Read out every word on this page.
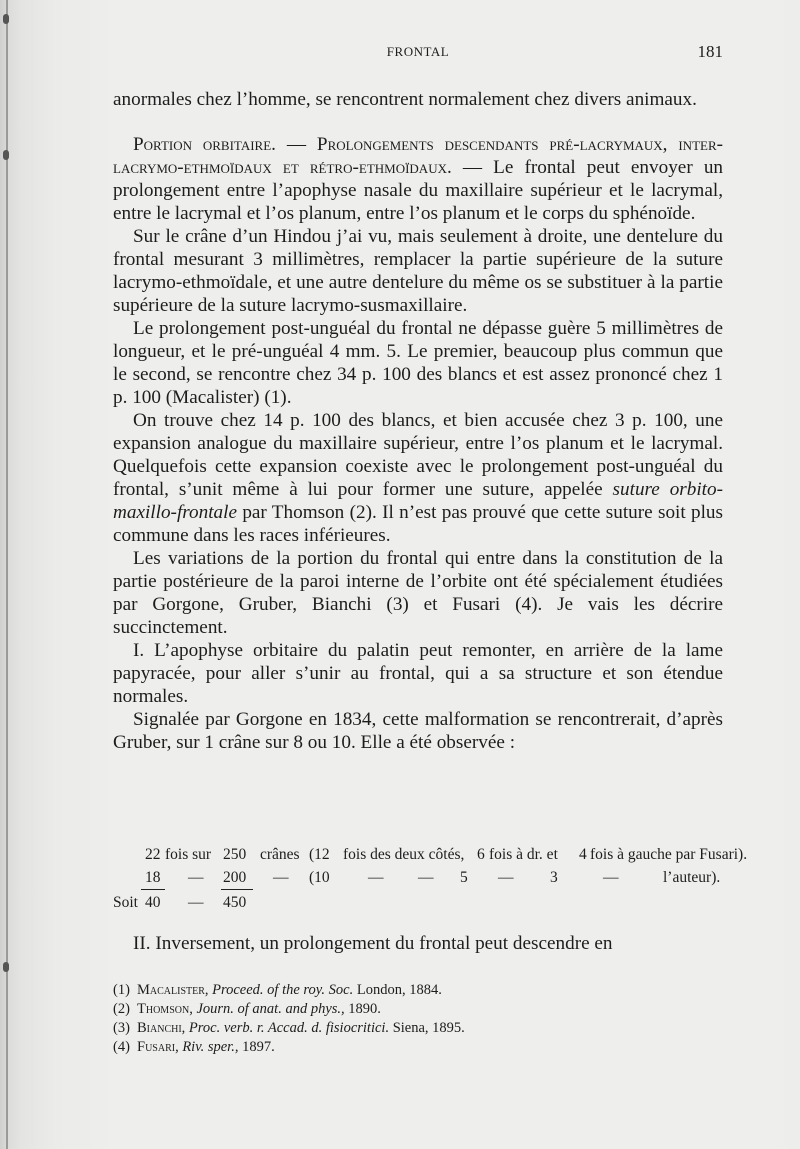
FRONTAL	181

anormales chez l’homme, se rencontrent normalement chez divers animaux.

Portion orbitaire. — Prolongements descendants pré-lacrymaux, inter-lacrymo-ethmoïdaux et rétro-ethmoïdaux. — Le frontal peut envoyer un prolongement entre l’apophyse nasale du maxillaire supérieur et le lacrymal, entre le lacrymal et l’os planum, entre l’os planum et le corps du sphénoïde.

Sur le crâne d’un Hindou j’ai vu, mais seulement à droite, une dentelure du frontal mesurant 3 millimètres, remplacer la partie supérieure de la suture lacrymo-ethmoïdale, et une autre dentelure du même os se substituer à la partie supérieure de la suture lacrymo-susmaxillaire.

Le prolongement post-unguéal du frontal ne dépasse guère 5 millimètres de longueur, et le pré-unguéal 4 mm. 5. Le premier, beaucoup plus commun que le second, se rencontre chez 34 p. 100 des blancs et est assez prononcé chez 1 p. 100 (Macalister) (1).

On trouve chez 14 p. 100 des blancs, et bien accusée chez 3 p. 100, une expansion analogue du maxillaire supérieur, entre l’os planum et le lacrymal. Quelquefois cette expansion coexiste avec le prolongement post-unguéal du frontal, s’unit même à lui pour former une suture, appelée suture orbito-maxillo-frontale par Thomson (2). Il n’est pas prouvé que cette suture soit plus commune dans les races inférieures.

Les variations de la portion du frontal qui entre dans la constitution de la partie postérieure de la paroi interne de l’orbite ont été spécialement étudiées par Gorgone, Gruber, Bianchi (3) et Fusari (4). Je vais les décrire succinctement.

I. L’apophyse orbitaire du palatin peut remonter, en arrière de la lame papyracée, pour aller s’unir au frontal, qui a sa structure et son étendue normales.

Signalée par Gorgone en 1834, cette malformation se rencontrerait, d’après Gruber, sur 1 crâne sur 8 ou 10. Elle a été observée :

22 fois sur 250 crânes (12 fois des deux côtés, 6 fois à dr. et 4 fois à gauche par Fusari).
18 — 200 — (10 — — 5 — 3	—	l’auteur).
Soit 40 — 450
II. Inversement, un prolongement du frontal peut descendre en
(1) Macalister, Proceed. of the roy. Soc. London, 1884.
(2) Thomson, Journ. of anat. and phys., 1890.
(3) Bianchi, Proc. verb. r. Accad. d. fisiocritici. Siena, 1895.
(4) Fusari, Riv. sper., 1897.
